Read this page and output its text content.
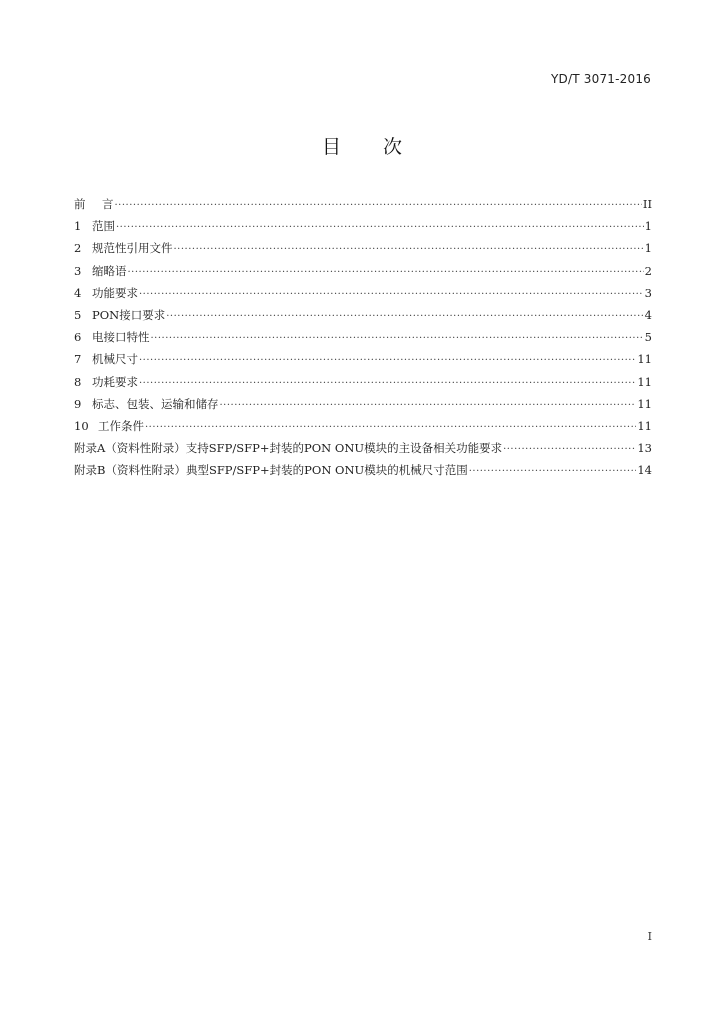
YD/T 3071-2016
目 次
前	言 ·····	II
1 范围 ·····	1
2 规范性引用文件 ·····	1
3 缩略语 ·····	2
4 功能要求 ·····	3
5 PON接口要求 ·····	4
6 电接口特性 ·····	5
7 机械尺寸 ·····	11
8 功耗要求 ·····	11
9 标志、包装、运输和储存 ·····	11
10 工作条件 ·····	11
附录A（资料性附录）支持SFP/SFP+封装的PON ONU模块的主设备相关功能要求 ·····	13
附录B（资料性附录）典型SFP/SFP+封装的PON ONU模块的机械尺寸范围 ·····	14
I
